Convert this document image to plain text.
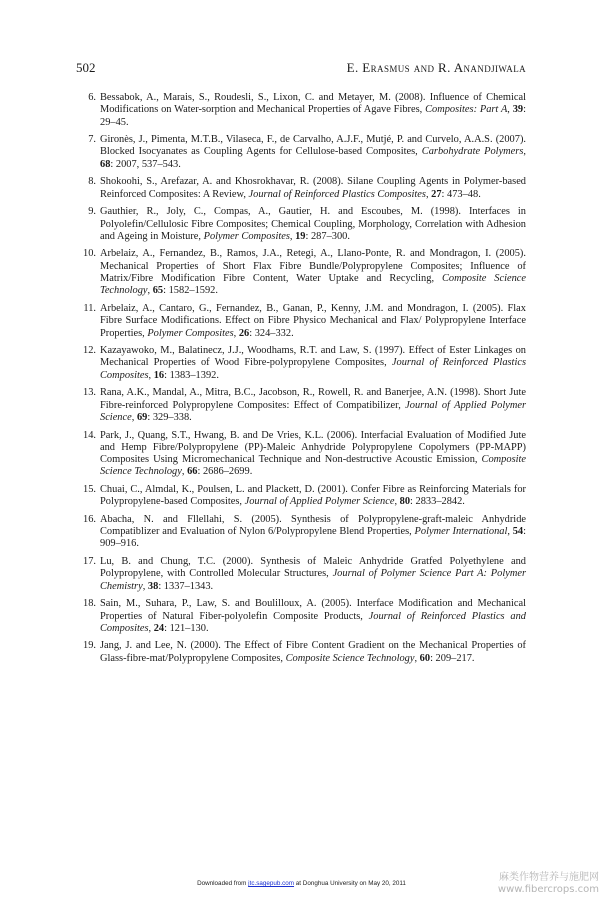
502	E. Erasmus and R. Anandjiwala
6. Bessabok, A., Marais, S., Roudesli, S., Lixon, C. and Metayer, M. (2008). Influence of Chemical Modifications on Water-sorption and Mechanical Properties of Agave Fibres, Composites: Part A, 39: 29–45.
7. Gironès, J., Pimenta, M.T.B., Vilaseca, F., de Carvalho, A.J.F., Mutjé, P. and Curvelo, A.A.S. (2007). Blocked Isocyanates as Coupling Agents for Cellulose-based Composites, Carbohydrate Polymers, 68: 2007, 537–543.
8. Shokoohi, S., Arefazar, A. and Khosrokhavar, R. (2008). Silane Coupling Agents in Polymer-based Reinforced Composites: A Review, Journal of Reinforced Plastics Composites, 27: 473–48.
9. Gauthier, R., Joly, C., Compas, A., Gautier, H. and Escoubes, M. (1998). Interfaces in Polyolefin/Cellulosic Fibre Composites; Chemical Coupling, Morphology, Correlation with Adhesion and Ageing in Moisture, Polymer Composites, 19: 287–300.
10. Arbelaiz, A., Fernandez, B., Ramos, J.A., Retegi, A., Llano-Ponte, R. and Mondragon, I. (2005). Mechanical Properties of Short Flax Fibre Bundle/Polypropylene Composites; Influence of Matrix/Fibre Modification Fibre Content, Water Uptake and Recycling, Composite Science Technology, 65: 1582–1592.
11. Arbelaiz, A., Cantaro, G., Fernandez, B., Ganan, P., Kenny, J.M. and Mondragon, I. (2005). Flax Fibre Surface Modifications. Effect on Fibre Physico Mechanical and Flax/ Polypropylene Interface Properties, Polymer Composites, 26: 324–332.
12. Kazayawoko, M., Balatinecz, J.J., Woodhams, R.T. and Law, S. (1997). Effect of Ester Linkages on Mechanical Properties of Wood Fibre-polypropylene Composites, Journal of Reinforced Plastics Composites, 16: 1383–1392.
13. Rana, A.K., Mandal, A., Mitra, B.C., Jacobson, R., Rowell, R. and Banerjee, A.N. (1998). Short Jute Fibre-reinforced Polypropylene Composites: Effect of Compatibilizer, Journal of Applied Polymer Science, 69: 329–338.
14. Park, J., Quang, S.T., Hwang, B. and De Vries, K.L. (2006). Interfacial Evaluation of Modified Jute and Hemp Fibre/Polypropylene (PP)-Maleic Anhydride Polypropylene Copolymers (PP-MAPP) Composites Using Micromechanical Technique and Non-destructive Acoustic Emission, Composite Science Technology, 66: 2686–2699.
15. Chuai, C., Almdal, K., Poulsen, L. and Plackett, D. (2001). Confer Fibre as Reinforcing Materials for Polypropylene-based Composites, Journal of Applied Polymer Science, 80: 2833–2842.
16. Abacha, N. and Fllellahi, S. (2005). Synthesis of Polypropylene-graft-maleic Anhydride Compatiblizer and Evaluation of Nylon 6/Polypropylene Blend Properties, Polymer International, 54: 909–916.
17. Lu, B. and Chung, T.C. (2000). Synthesis of Maleic Anhydride Gratfed Polyethylene and Polypropylene, with Controlled Molecular Structures, Journal of Polymer Science Part A: Polymer Chemistry, 38: 1337–1343.
18. Sain, M., Suhara, P., Law, S. and Boulilloux, A. (2005). Interface Modification and Mechanical Properties of Natural Fiber-polyolefin Composite Products, Journal of Reinforced Plastics and Composites, 24: 121–130.
19. Jang, J. and Lee, N. (2000). The Effect of Fibre Content Gradient on the Mechanical Properties of Glass-fibre-mat/Polypropylene Composites, Composite Science Technology, 60: 209–217.
Downloaded from jtc.sagepub.com at Donghua University on May 20, 2011
麻类作物营养与施肥网
www.fibercrops.com
